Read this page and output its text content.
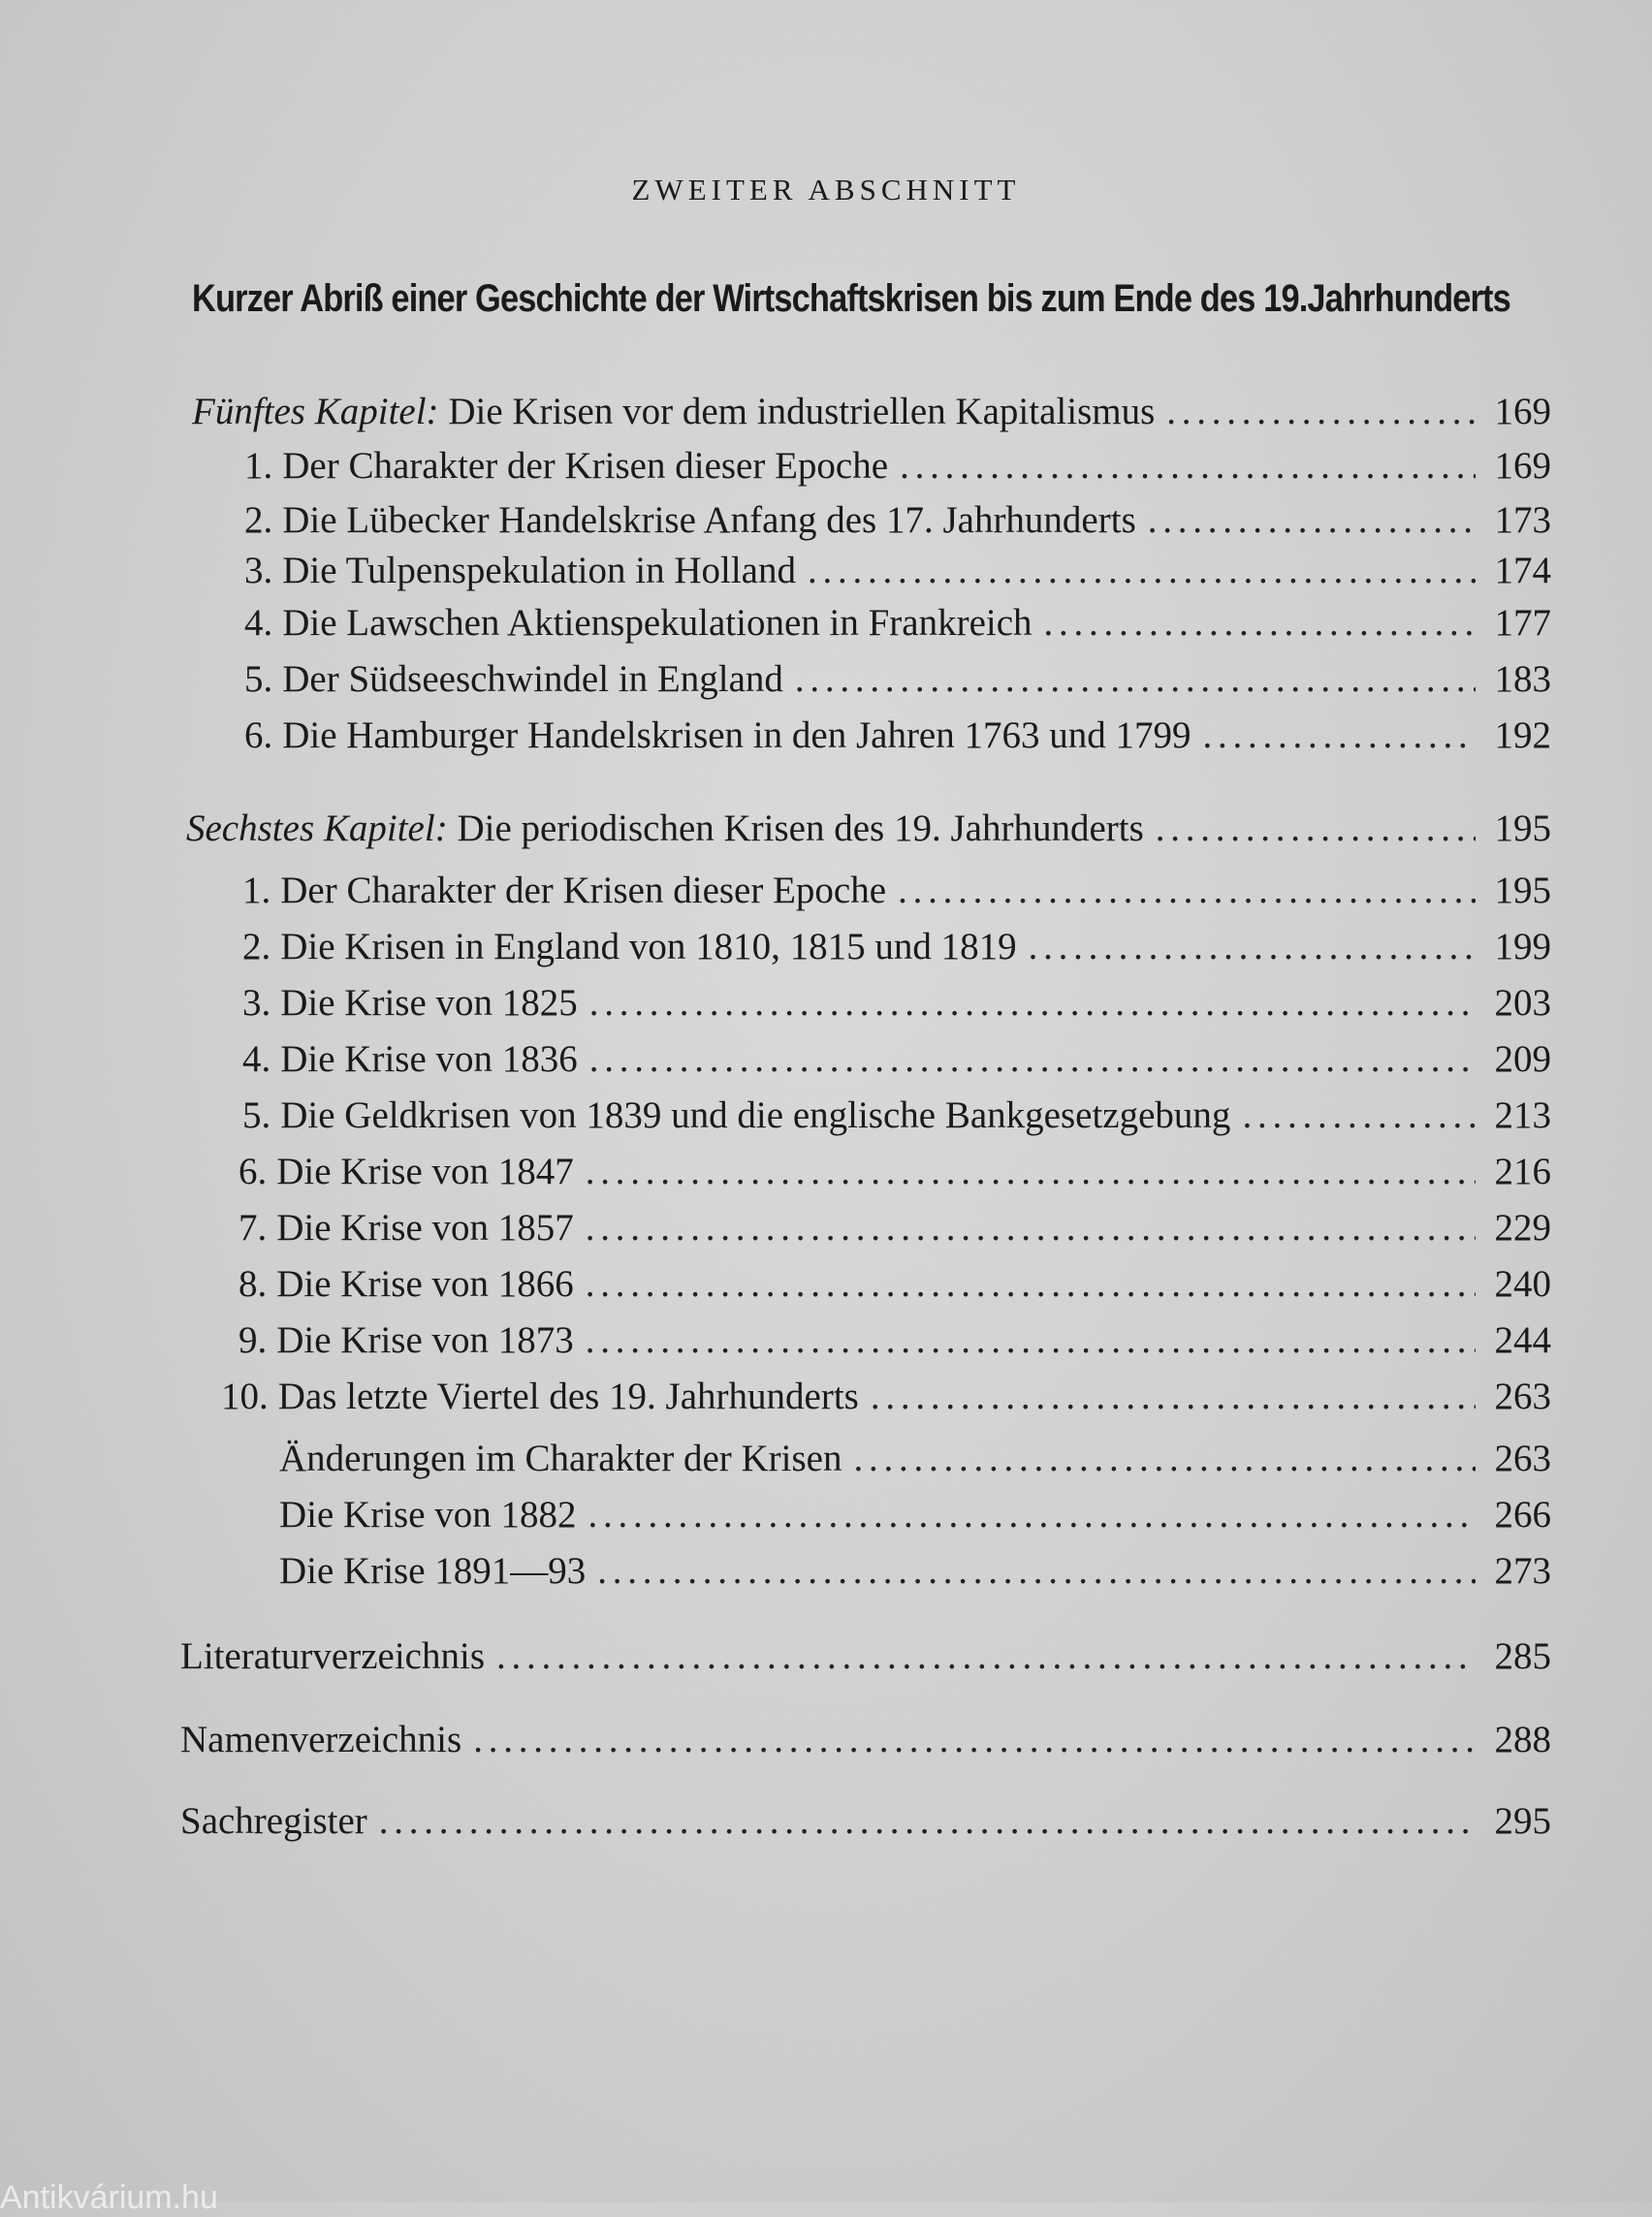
ZWEITER ABSCHNITT
Kurzer Abriß einer Geschichte der Wirtschaftskrisen bis zum Ende des 19.Jahrhunderts
Fünftes Kapitel: Die Krisen vor dem industriellen Kapitalismus . . .	169
1. Der Charakter der Krisen dieser Epoche . . .	169
2. Die Lübecker Handelskrise Anfang des 17. Jahrhunderts . . .	173
3. Die Tulpenspekulation in Holland . . .	174
4. Die Lawschen Aktienspekulationen in Frankreich . . .	177
5. Der Südseeschwindel in England . . .	183
6. Die Hamburger Handelskrisen in den Jahren 1763 und 1799 . . .	192
Sechstes Kapitel: Die periodischen Krisen des 19. Jahrhunderts . . .	195
1. Der Charakter der Krisen dieser Epoche . . .	195
2. Die Krisen in England von 1810, 1815 und 1819 . . .	199
3. Die Krise von 1825 . . .	203
4. Die Krise von 1836 . . .	209
5. Die Geldkrisen von 1839 und die englische Bankgesetzgebung . . .	213
6. Die Krise von 1847 . . .	216
7. Die Krise von 1857 . . .	229
8. Die Krise von 1866 . . .	240
9. Die Krise von 1873 . . .	244
10. Das letzte Viertel des 19. Jahrhunderts . . .	263
Änderungen im Charakter der Krisen . . .	263
Die Krise von 1882 . . .	266
Die Krise 1891—93 . . .	273
Literaturverzeichnis . . .	285
Namenverzeichnis . . .	288
Sachregister . . .	295
Antikvárium.hu
